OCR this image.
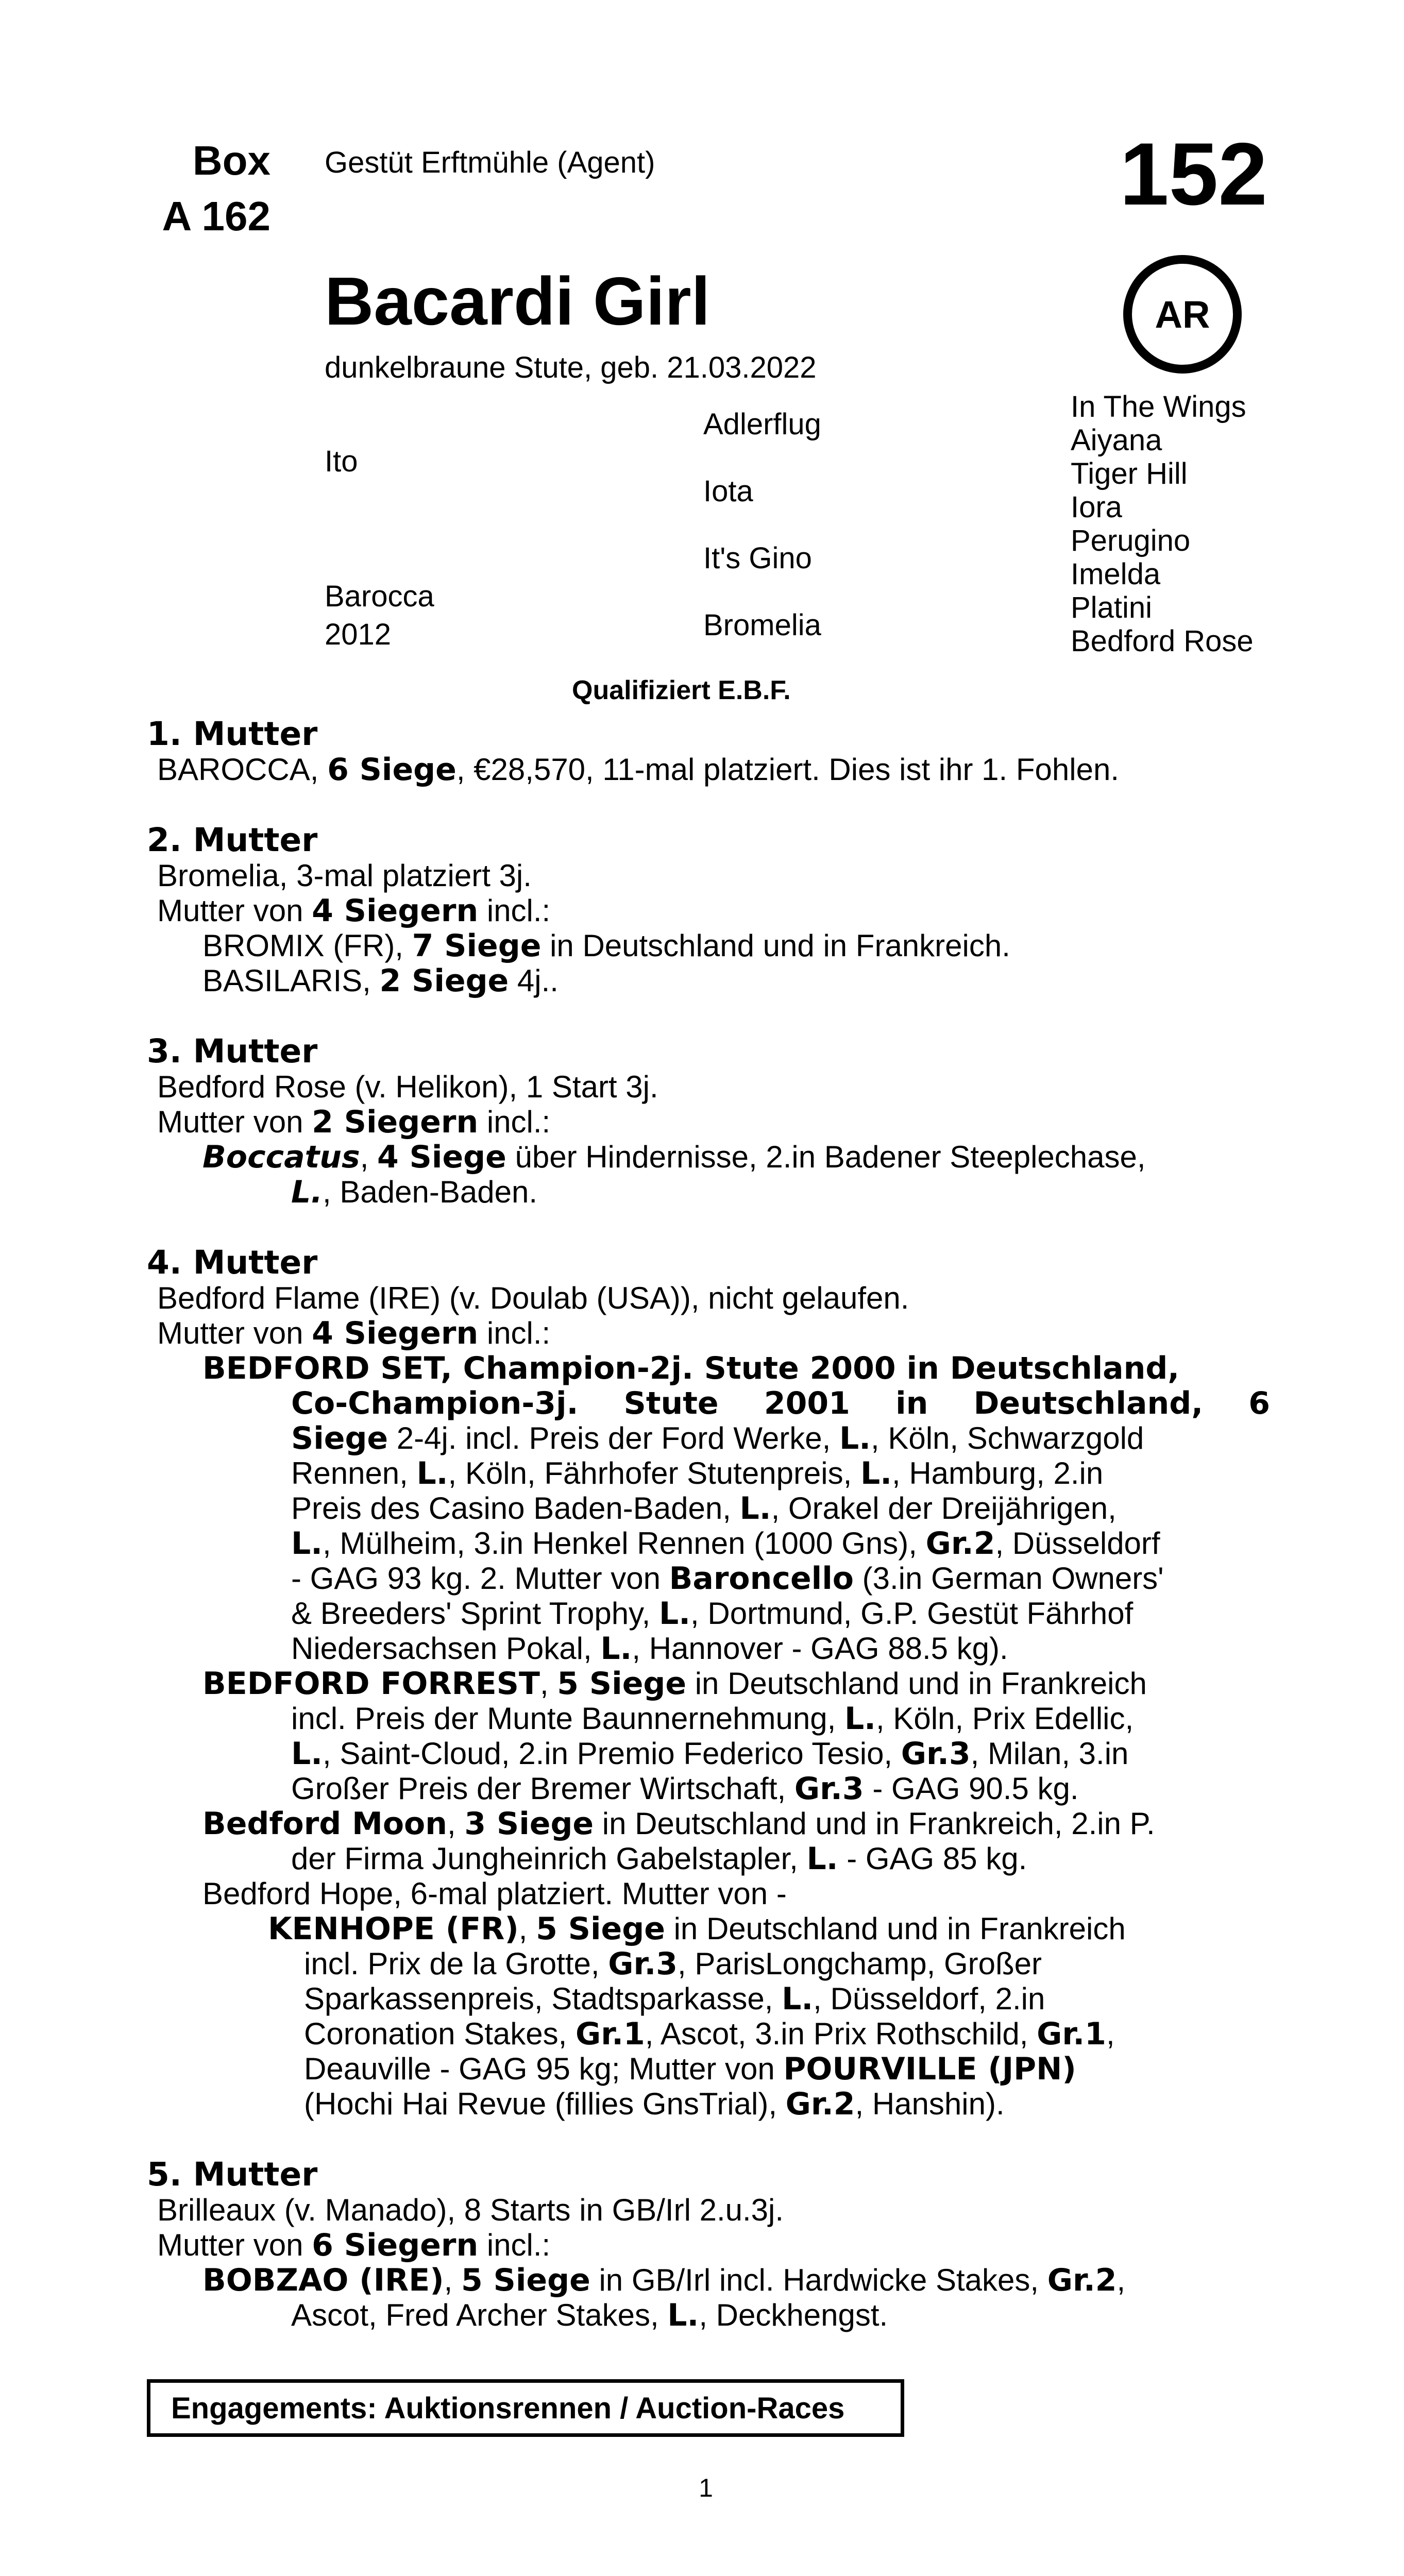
Box
A 162
Gestüt Erftmühle (Agent)	152
AR
Bacardi Girl
dunkelbraune Stute, geb. 21.03.2022
Ito
Barocca
2012
Adlerflug
Iota
It's Gino
Bromelia
In The Wings
Aiyana
Tiger Hill
Iora
Perugino
Imelda
Platini
Bedford Rose
Qualifiziert E.B.F.
1. Mutter
BAROCCA, 6 Siege, €28,570, 11-mal platziert. Dies ist ihr 1. Fohlen.
2. Mutter
Bromelia, 3-mal platziert 3j.
Mutter von 4 Siegern incl.:
BROMIX (FR), 7 Siege in Deutschland und in Frankreich.
BASILARIS, 2 Siege 4j..
3. Mutter
Bedford Rose (v. Helikon), 1 Start 3j.
Mutter von 2 Siegern incl.:
Boccatus, 4 Siege über Hindernisse, 2.in Badener Steeplechase,
L., Baden-Baden.
4. Mutter
Bedford Flame (IRE) (v. Doulab (USA)), nicht gelaufen.
Mutter von 4 Siegern incl.:
BEDFORD SET, Champion-2j. Stute 2000 in Deutschland,
Co-Champion-3j. Stute 2001 in Deutschland, 6
Siege 2-4j. incl. Preis der Ford Werke, L., Köln, Schwarzgold
Rennen, L., Köln, Fährhofer Stutenpreis, L., Hamburg, 2.in
Preis des Casino Baden-Baden, L., Orakel der Dreijährigen,
L., Mülheim, 3.in Henkel Rennen (1000 Gns), Gr.2, Düsseldorf
- GAG 93 kg. 2. Mutter von Baroncello (3.in German Owners'
& Breeders' Sprint Trophy, L., Dortmund, G.P. Gestüt Fährhof
Niedersachsen Pokal, L., Hannover - GAG 88.5 kg).
BEDFORD FORREST, 5 Siege in Deutschland und in Frankreich
incl. Preis der Munte Baunnernehmung, L., Köln, Prix Edellic,
L., Saint-Cloud, 2.in Premio Federico Tesio, Gr.3, Milan, 3.in
Großer Preis der Bremer Wirtschaft, Gr.3 - GAG 90.5 kg.
Bedford Moon, 3 Siege in Deutschland und in Frankreich, 2.in P.
der Firma Jungheinrich Gabelstapler, L. - GAG 85 kg.
Bedford Hope, 6-mal platziert. Mutter von -
KENHOPE (FR), 5 Siege in Deutschland und in Frankreich
incl. Prix de la Grotte, Gr.3, ParisLongchamp, Großer
Sparkassenpreis, Stadtsparkasse, L., Düsseldorf, 2.in
Coronation Stakes, Gr.1, Ascot, 3.in Prix Rothschild, Gr.1,
Deauville - GAG 95 kg; Mutter von POURVILLE (JPN)
(Hochi Hai Revue (fillies GnsTrial), Gr.2, Hanshin).
5. Mutter
Brilleaux (v. Manado), 8 Starts in GB/Irl 2.u.3j.
Mutter von 6 Siegern incl.:
BOBZAO (IRE), 5 Siege in GB/Irl incl. Hardwicke Stakes, Gr.2,
Ascot, Fred Archer Stakes, L., Deckhengst.
Engagements: Auktionsrennen / Auction-Races
1
